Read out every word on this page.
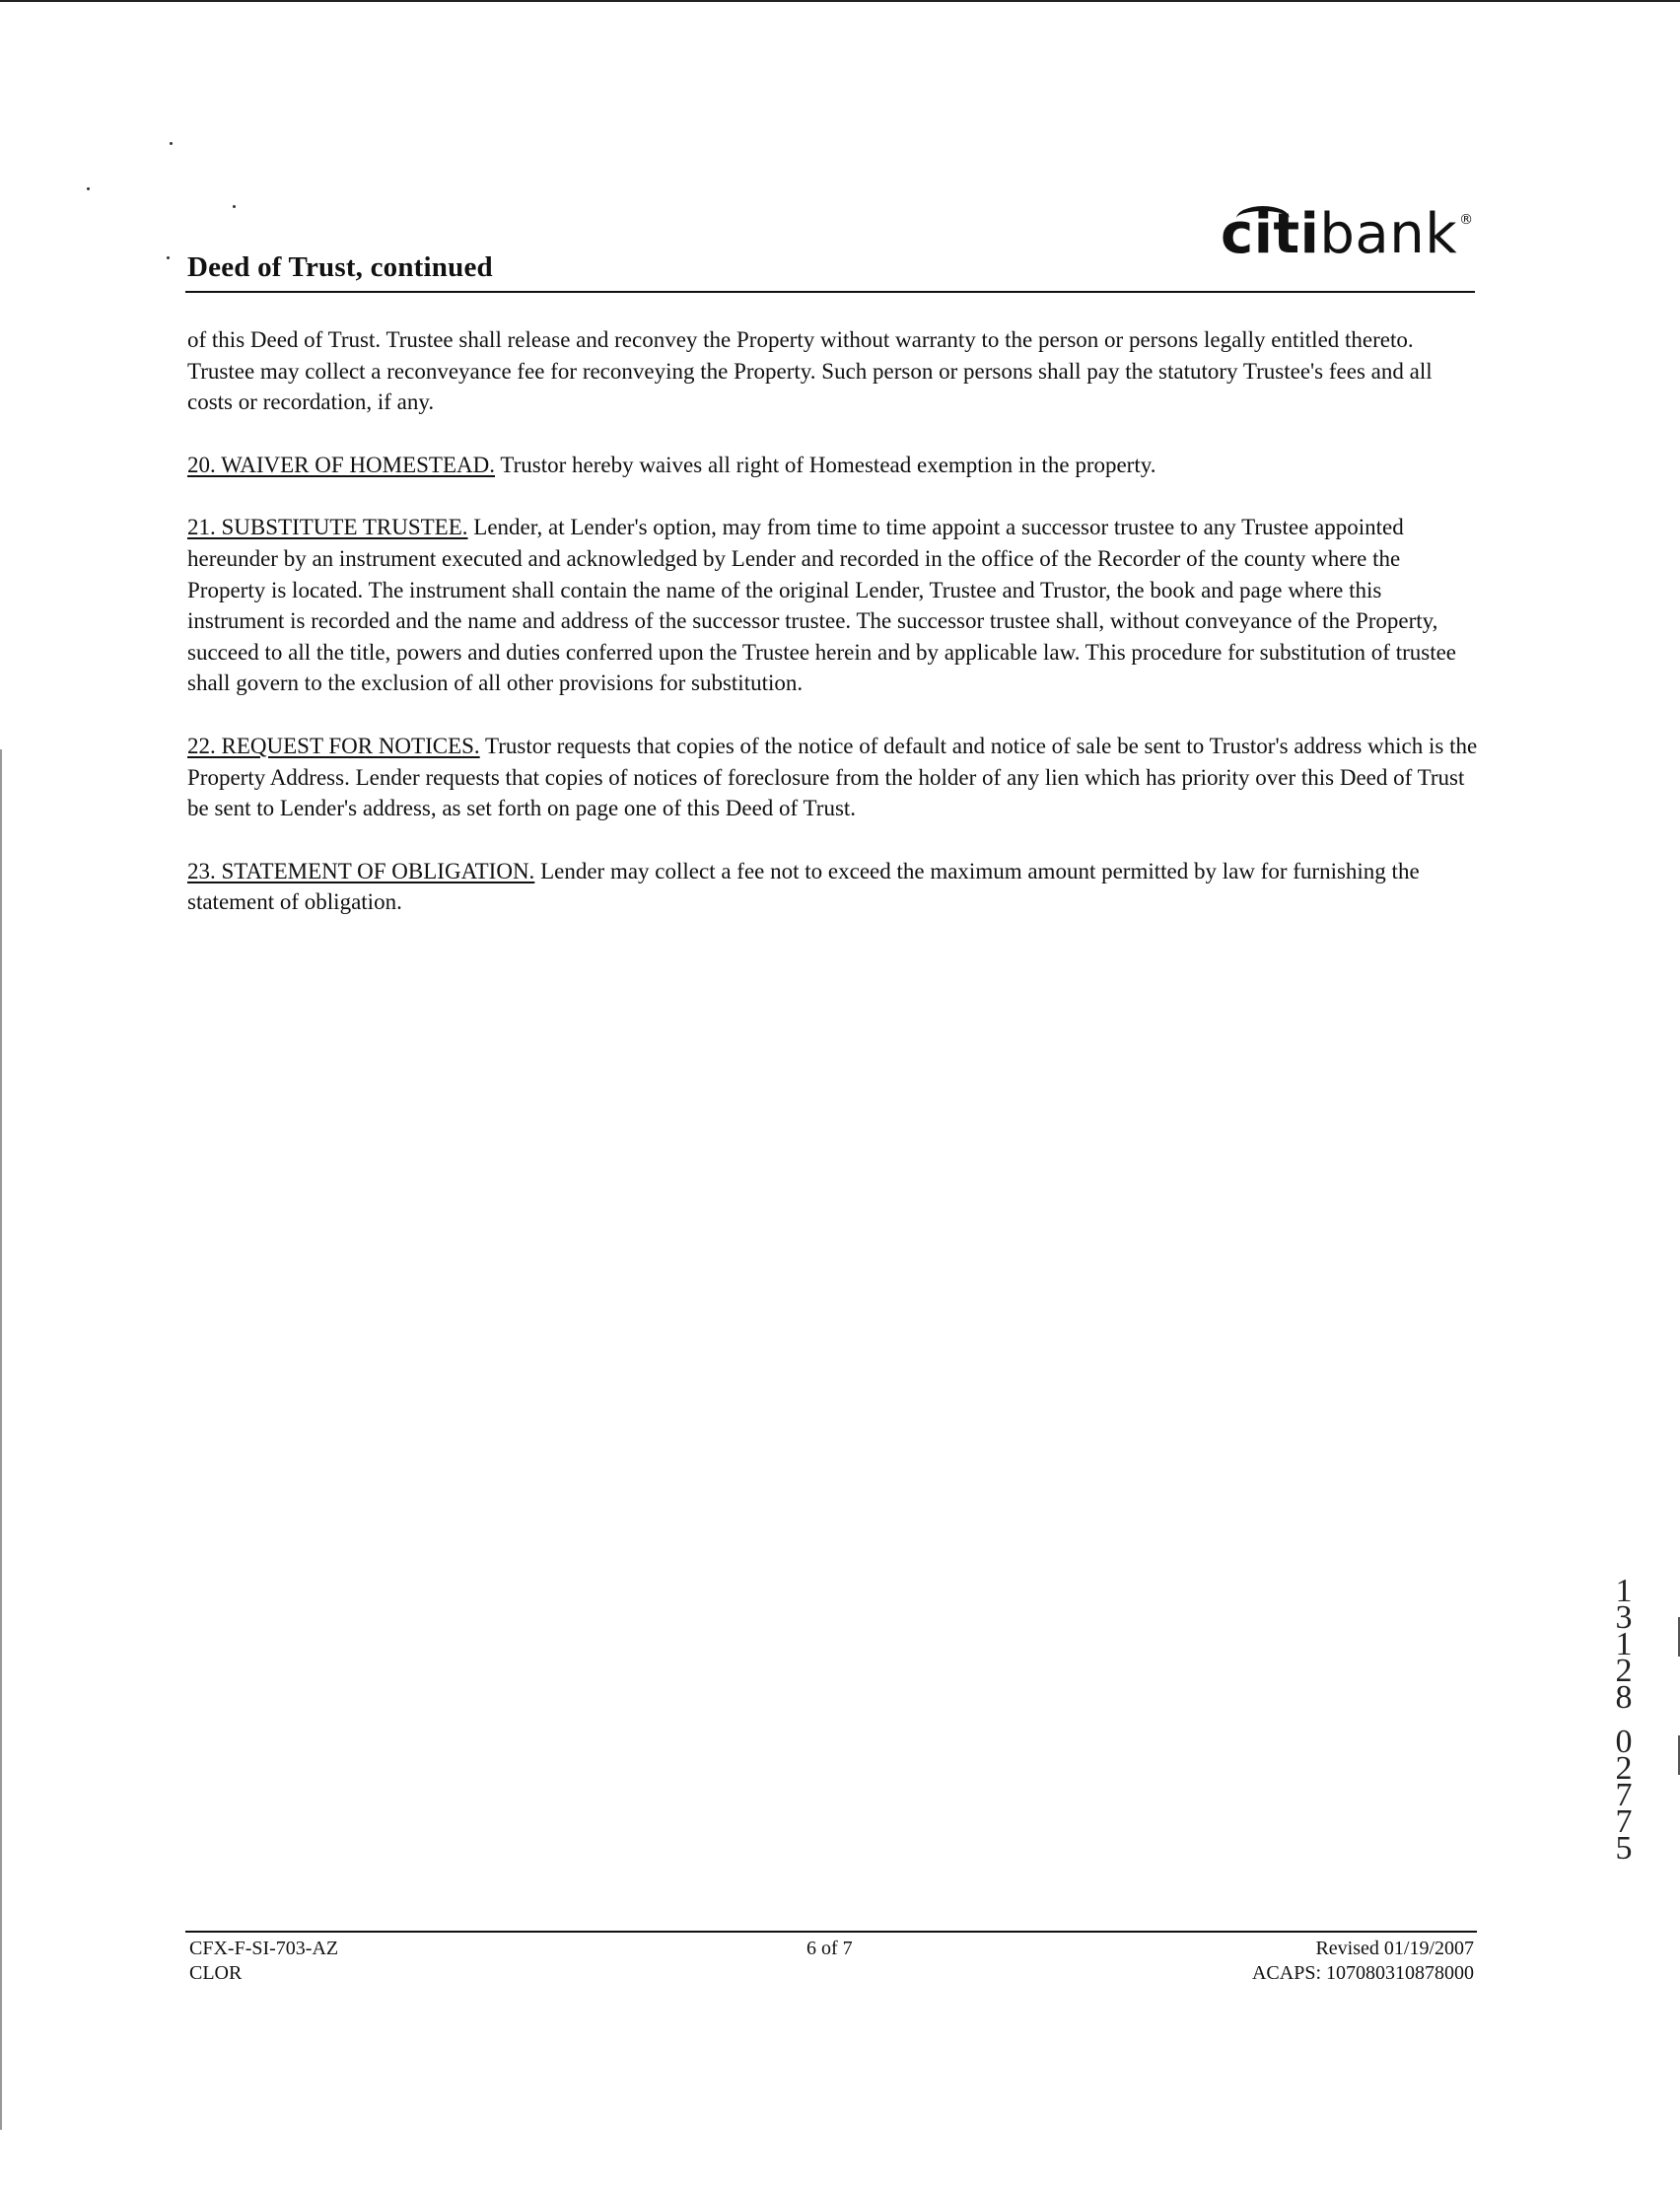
Deed of Trust, continued
citibank ®

of this Deed of Trust. Trustee shall release and reconvey the Property without warranty to the person or persons legally entitled thereto. Trustee may collect a reconveyance fee for reconveying the Property. Such person or persons shall pay the statutory Trustee's fees and all costs or recordation, if any.

20. WAIVER OF HOMESTEAD. Trustor hereby waives all right of Homestead exemption in the property.

21. SUBSTITUTE TRUSTEE. Lender, at Lender's option, may from time to time appoint a successor trustee to any Trustee appointed hereunder by an instrument executed and acknowledged by Lender and recorded in the office of the Recorder of the county where the Property is located. The instrument shall contain the name of the original Lender, Trustee and Trustor, the book and page where this instrument is recorded and the name and address of the successor trustee. The successor trustee shall, without conveyance of the Property, succeed to all the title, powers and duties conferred upon the Trustee herein and by applicable law. This procedure for substitution of trustee shall govern to the exclusion of all other provisions for substitution.

22. REQUEST FOR NOTICES. Trustor requests that copies of the notice of default and notice of sale be sent to Trustor's address which is the Property Address. Lender requests that copies of notices of foreclosure from the holder of any lien which has priority over this Deed of Trust be sent to Lender's address, as set forth on page one of this Deed of Trust.

23. STATEMENT OF OBLIGATION. Lender may collect a fee not to exceed the maximum amount permitted by law for furnishing the statement of obligation.

1
3
1
2
8
0
2
7
7
5
CFX-F-SI-703-AZ
CLOR
6 of 7	Revised 01/19/2007
ACAPS: 107080310878000
